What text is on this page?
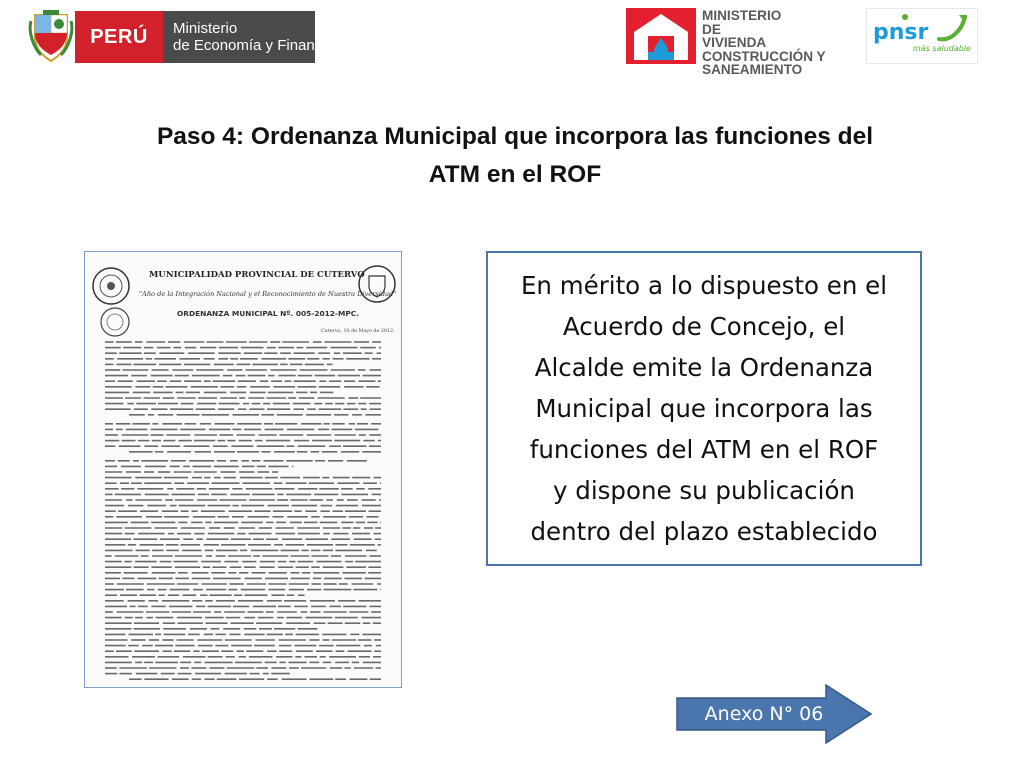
PERÚ	Ministerio
de Economía y Finanzas
MINISTERIO
DE
VIVIENDA
CONSTRUCCIÓN Y
SANEAMIENTO
pnsr
más saludable
Paso 4: Ordenanza Municipal que incorpora las funciones del
ATM en el ROF
MUNICIPALIDAD PROVINCIAL DE CUTERVO
"Año de la Integración Nacional y el Reconocimiento de Nuestra Diversidad"
ORDENANZA MUNICIPAL Nº. 005-2012-MPC.
Cutervo, 10 de Mayo de 2012.

En mérito a lo dispuesto en el
Acuerdo de Concejo, el
Alcalde emite la Ordenanza
Municipal que incorpora las
funciones del ATM en el ROF
y dispone su publicación
dentro del plazo establecido

Anexo N° 06
